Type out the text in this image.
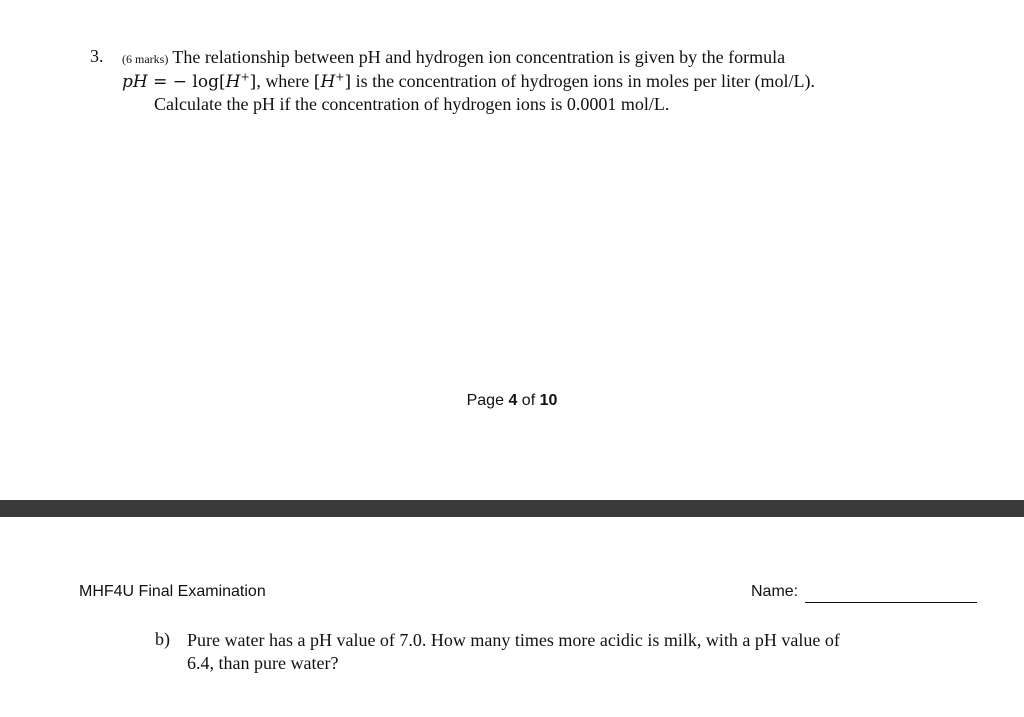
3. (6 marks) The relationship between pH and hydrogen ion concentration is given by the formula
pH = − log[H+], where [H+] is the concentration of hydrogen ions in moles per liter (mol/L).
Calculate the pH if the concentration of hydrogen ions is 0.0001 mol/L.
Page 4 of 10
MHF4U Final Examination	Name:
b) Pure water has a pH value of 7.0. How many times more acidic is milk, with a pH value of
6.4, than pure water?
